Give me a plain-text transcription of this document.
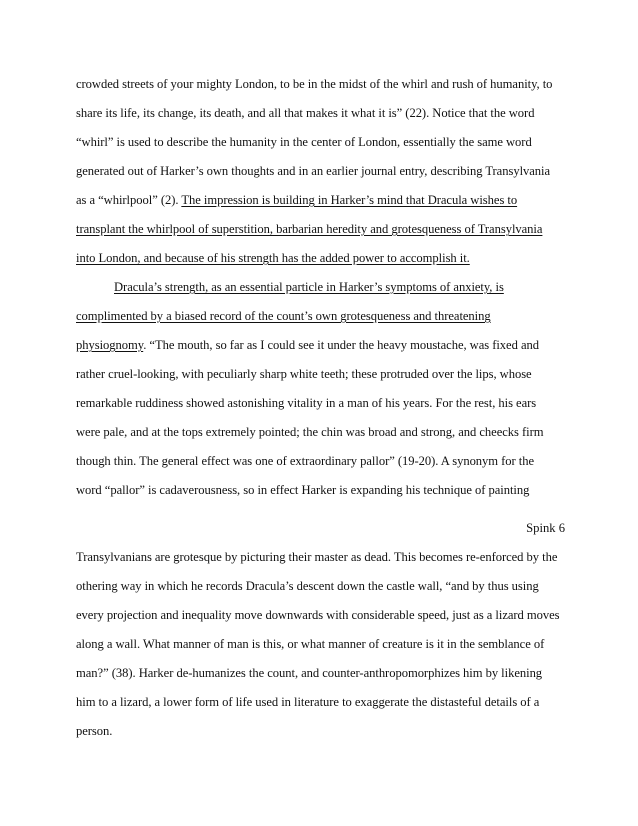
crowded streets of your mighty London, to be in the midst of the whirl and rush of humanity, to
share its life, its change, its death, and all that makes it what it is” (22). Notice that the word
“whirl” is used to describe the humanity in the center of London, essentially the same word
generated out of Harker’s own thoughts and in an earlier journal entry, describing Transylvania
as a “whirlpool” (2). The impression is building in Harker’s mind that Dracula wishes to
transplant the whirlpool of superstition, barbarian heredity and grotesqueness of Transylvania
into London, and because of his strength has the added power to accomplish it.
Dracula’s strength, as an essential particle in Harker’s symptoms of anxiety, is
complimented by a biased record of the count’s own grotesqueness and threatening
physiognomy. “The mouth, so far as I could see it under the heavy moustache, was fixed and
rather cruel-looking, with peculiarly sharp white teeth; these protruded over the lips, whose
remarkable ruddiness showed astonishing vitality in a man of his years. For the rest, his ears
were pale, and at the tops extremely pointed; the chin was broad and strong, and cheecks firm
though thin. The general effect was one of extraordinary pallor” (19-20). A synonym for the
word “pallor” is cadaverousness, so in effect Harker is expanding his technique of painting
Spink 6
Transylvanians are grotesque by picturing their master as dead. This becomes re-enforced by the
othering way in which he records Dracula’s descent down the castle wall, “and by thus using
every projection and inequality move downwards with considerable speed, just as a lizard moves
along a wall. What manner of man is this, or what manner of creature is it in the semblance of
man?” (38). Harker de-humanizes the count, and counter-anthropomorphizes him by likening
him to a lizard, a lower form of life used in literature to exaggerate the distasteful details of a
person.
